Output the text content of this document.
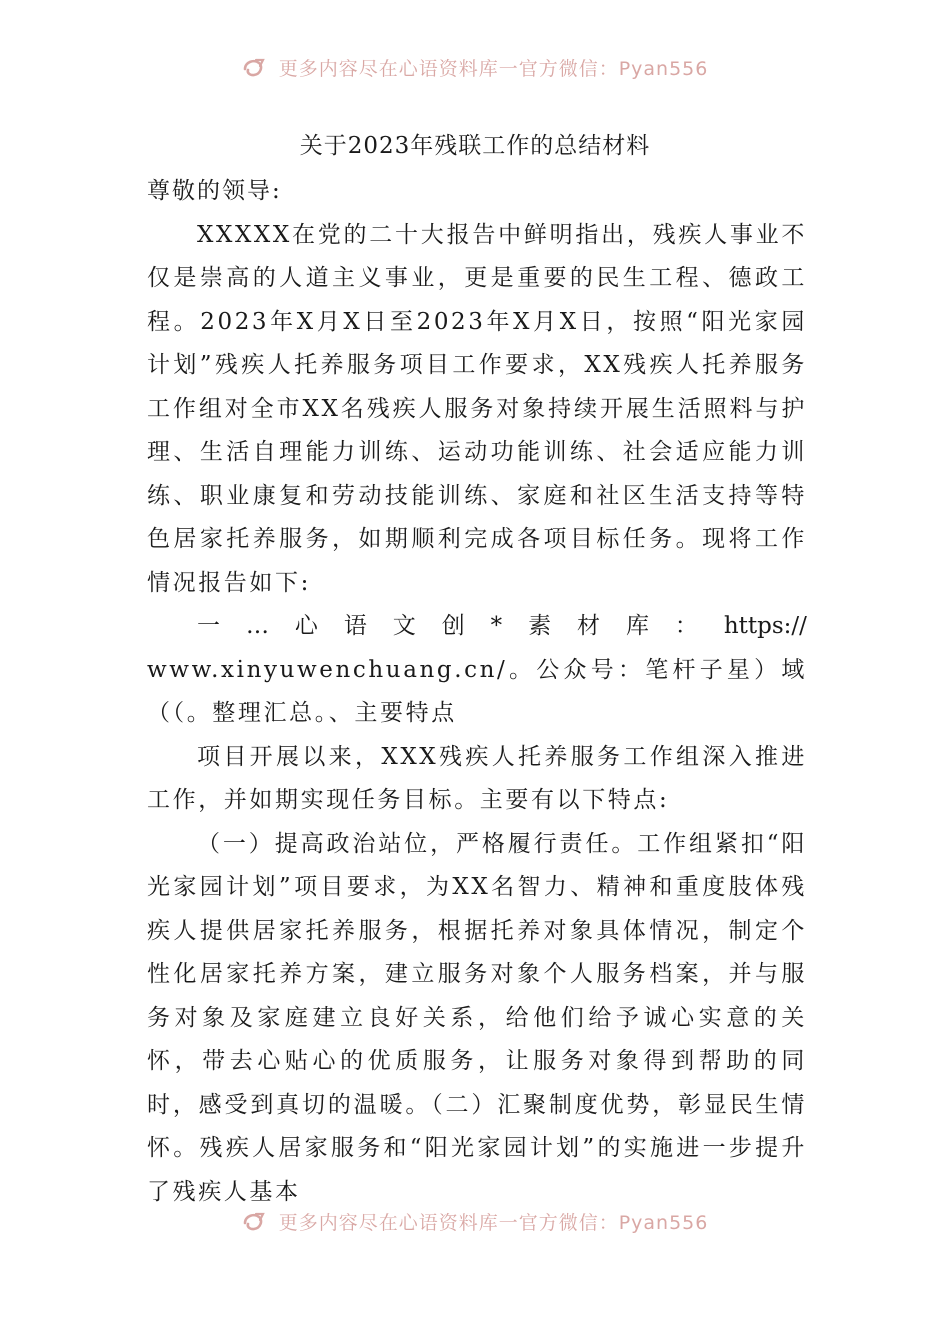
更多内容尽在心语资料库一官方微信：Pyan556
关于2023年残联工作的总结材料

尊敬的领导:

XXXXX在党的二十大报告中鲜明指出，残疾人事业不仅是崇高的人道主义事业，更是重要的民生工程、德政工程。2023年X月X日至2023年X月X日，按照“阳光家园计划”残疾人托养服务项目工作要求，XX残疾人托养服务工作组对全市XX名残疾人服务对象持续开展生活照料与护理、生活自理能力训练、运动功能训练、社会适应能力训练、职业康复和劳动技能训练、家庭和社区生活支持等特色居家托养服务，如期顺利完成各项目标任务。现将工作情况报告如下:

一 … 心 语 文 创 * 素 材 库 ： https://

www.xinyuwenchuang.cn/。公众号：笔杆子星）域（（。整理汇总。、主要特点

项目开展以来，XXX残疾人托养服务工作组深入推进工作，并如期实现任务目标。主要有以下特点:

（一）提高政治站位，严格履行责任。工作组紧扣“阳光家园计划”项目要求，为XX名智力、精神和重度肢体残疾人提供居家托养服务，根据托养对象具体情况，制定个性化居家托养方案，建立服务对象个人服务档案，并与服务对象及家庭建立良好关系，给他们给予诚心实意的关怀，带去心贴心的优质服务，让服务对象得到帮助的同时，感受到真切的温暖。（二）汇聚制度优势，彰显民生情怀。残疾人居家服务和“阳光家园计划”的实施进一步提升了残疾人基本

更多内容尽在心语资料库一官方微信：Pyan556
